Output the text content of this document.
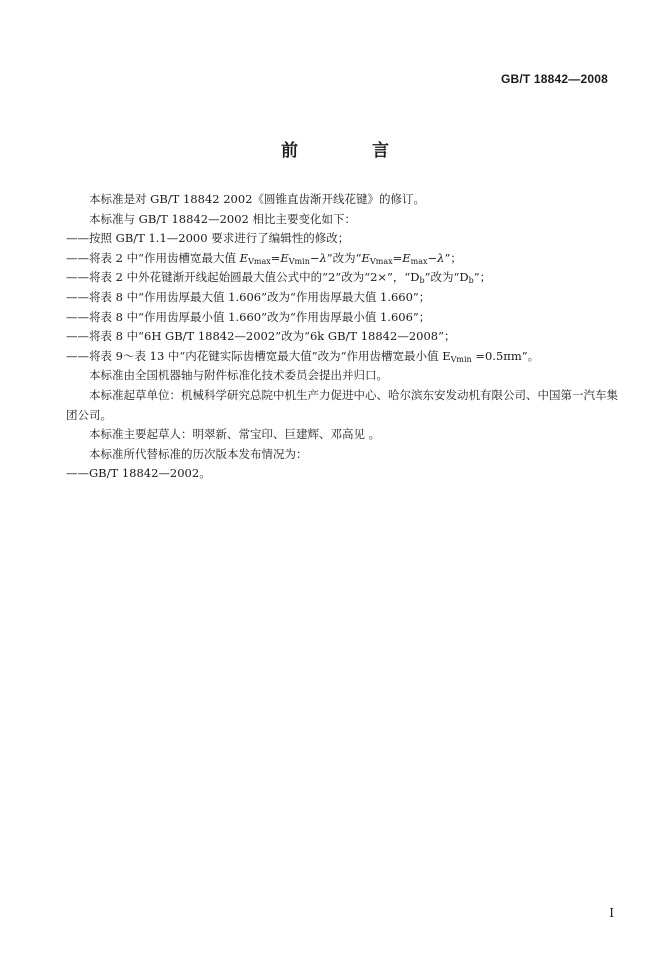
GB/T 18842—2008
前 言
本标准是对 GB/T 18842 2002《圆锥直齿渐开线花键》的修订。
本标准与 GB/T 18842—2002 相比主要变化如下：
——按照 GB/T 1.1—2000 要求进行了编辑性的修改；
——将表 2 中“作用齿槽宽最大值 $E_{Vmax}=E_{Vmin}-\lambda$”改为“$E_{Vmax}=E_{max}-\lambda$”；
——将表 2 中外花键渐开线起始圆最大值公式中的“2”改为“2×”，“$D_b$”改为“$D_b$”；
——将表 8 中“作用齿厚最大值 1.606”改为“作用齿厚最大值 1.660”；
——将表 8 中“作用齿厚最小值 1.660”改为“作用齿厚最小值 1.606”；
——将表 8 中“6H GB/T 18842—2002”改为“6k GB/T 18842—2008”；
——将表 9～表 13 中“内花键实际齿槽宽最大值”改为“作用齿槽宽最小值 $E_{Vmin} =0.5\pi m$”。
本标准由全国机器轴与附件标准化技术委员会提出并归口。
本标准起草单位：机械科学研究总院中机生产力促进中心、哈尔滨东安发动机有限公司、中国第一汽车集团公司。
本标准主要起草人：明翠新、常宝印、巨建辉、邓高见 。
本标准所代替标准的历次版本发布情况为：
——GB/T 18842—2002。
I
